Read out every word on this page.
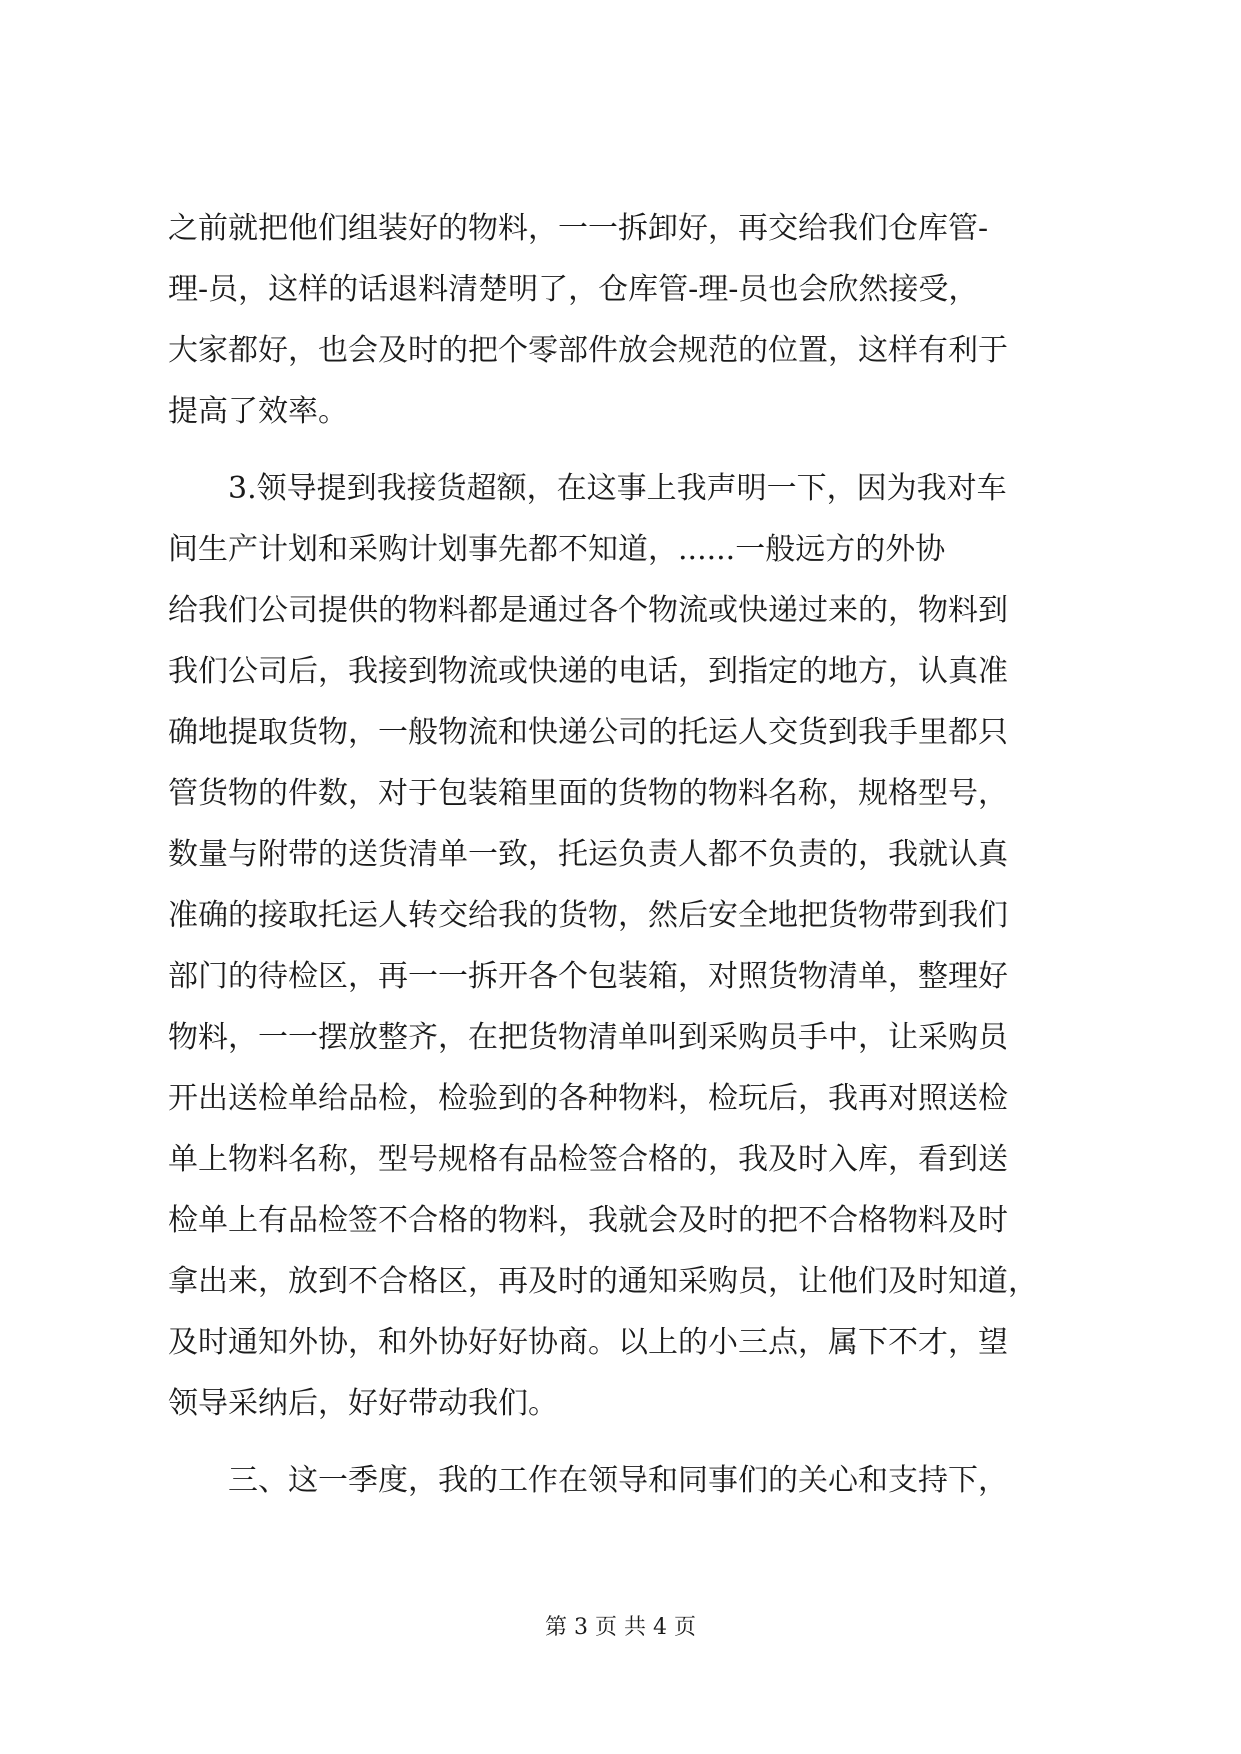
之前就把他们组装好的物料，一一拆卸好，再交给我们仓库管-
理-员，这样的话退料清楚明了，仓库管-理-员也会欣然接受，
大家都好，也会及时的把个零部件放会规范的位置，这样有利于
提高了效率。
3.领导提到我接货超额，在这事上我声明一下，因为我对车
间生产计划和采购计划事先都不知道，......一般远方的外协
给我们公司提供的物料都是通过各个物流或快递过来的，物料到
我们公司后，我接到物流或快递的电话，到指定的地方，认真准
确地提取货物，一般物流和快递公司的托运人交货到我手里都只
管货物的件数，对于包装箱里面的货物的物料名称，规格型号，
数量与附带的送货清单一致，托运负责人都不负责的，我就认真
准确的接取托运人转交给我的货物，然后安全地把货物带到我们
部门的待检区，再一一拆开各个包装箱，对照货物清单，整理好
物料，一一摆放整齐，在把货物清单叫到采购员手中，让采购员
开出送检单给品检，检验到的各种物料，检玩后，我再对照送检
单上物料名称，型号规格有品检签合格的，我及时入库，看到送
检单上有品检签不合格的物料，我就会及时的把不合格物料及时
拿出来，放到不合格区，再及时的通知采购员，让他们及时知道，
及时通知外协，和外协好好协商。以上的小三点，属下不才，望
领导采纳后，好好带动我们。
三、这一季度，我的工作在领导和同事们的关心和支持下，
第 3 页 共 4 页
